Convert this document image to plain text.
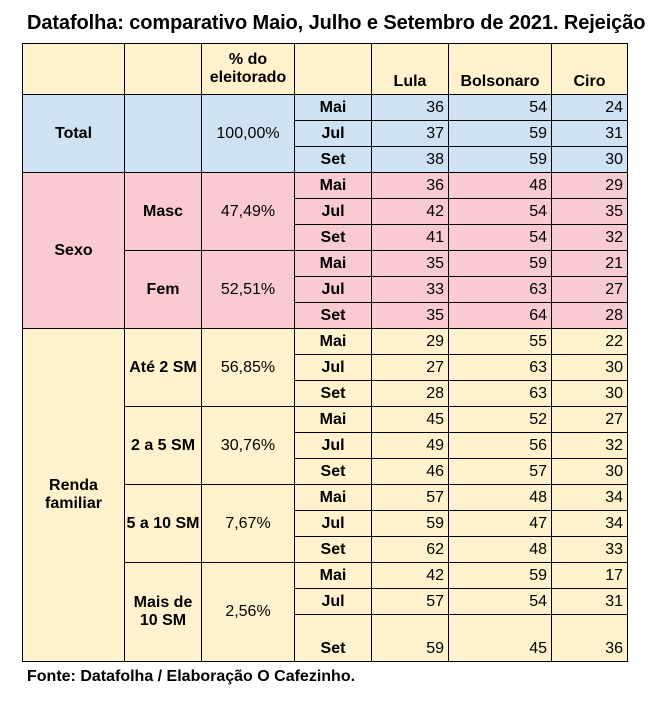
Datafolha: comparativo Maio, Julho e Setembro de 2021. Rejeição
		% do eleitorado		Lula	Bolsonaro	Ciro
Total		100,00%	Mai	36	54	24
			Jul	37	59	31
			Set	38	59	30
Sexo	Masc	47,49%	Mai	36	48	29
			Jul	42	54	35
			Set	41	54	32
	Fem	52,51%	Mai	35	59	21
			Jul	33	63	27
			Set	35	64	28
Renda familiar	Até 2 SM	56,85%	Mai	29	55	22
			Jul	27	63	30
			Set	28	63	30
	2 a 5 SM	30,76%	Mai	45	52	27
			Jul	49	56	32
			Set	46	57	30
	5 a 10 SM	7,67%	Mai	57	48	34
			Jul	59	47	34
			Set	62	48	33
	Mais de 10 SM	2,56%	Mai	42	59	17
			Jul	57	54	31
			Set	59	45	36
Fonte: Datafolha / Elaboração O Cafezinho.
